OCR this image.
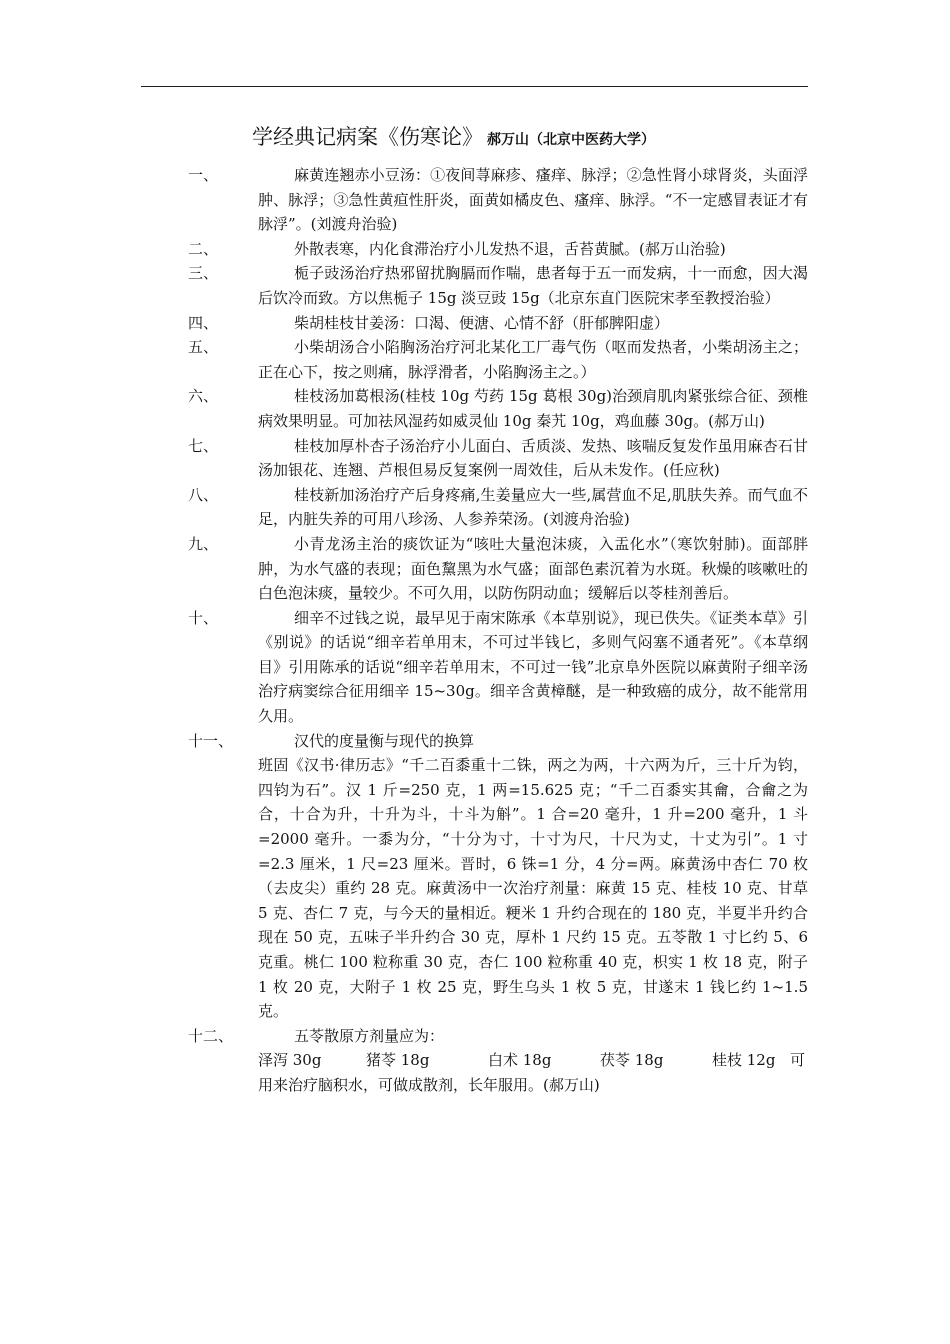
学经典记病案《伤寒论》 郝万山（北京中医药大学）
一、	麻黄连翘赤小豆汤：①夜间荨麻疹、瘙痒、脉浮；②急性肾小球肾炎，头面浮肿、脉浮；③急性黄疸性肝炎，面黄如橘皮色、瘙痒、脉浮。“不一定感冒表证才有脉浮”。(刘渡舟治验)
二、	外散表寒，内化食滞治疗小儿发热不退，舌苔黄腻。(郝万山治验)
三、	栀子豉汤治疗热邪留扰胸膈而作喘，患者每于五一而发病，十一而愈，因大渴后饮冷而致。方以焦栀子 15g 淡豆豉 15g（北京东直门医院宋孝至教授治验）
四、	柴胡桂枝甘姜汤：口渴、便溏、心情不舒（肝郁脾阳虚）
五、	小柴胡汤合小陷胸汤治疗河北某化工厂毒气伤（呕而发热者，小柴胡汤主之；正在心下，按之则痛，脉浮滑者，小陷胸汤主之。）
六、	桂枝汤加葛根汤(桂枝 10g 芍药 15g 葛根 30g)治颈肩肌肉紧张综合征、颈椎病效果明显。可加祛风湿药如威灵仙 10g 秦艽 10g，鸡血藤 30g。(郝万山)
七、	桂枝加厚朴杏子汤治疗小儿面白、舌质淡、发热、咳喘反复发作虽用麻杏石甘汤加银花、连翘、芦根但易反复案例一周效佳，后从未发作。(任应秋)
八、	桂枝新加汤治疗产后身疼痛,生姜量应大一些,属营血不足,肌肤失养。而气血不足，内脏失养的可用八珍汤、人参养荣汤。(刘渡舟治验)
九、	小青龙汤主治的痰饮证为“咳吐大量泡沫痰，入盂化水”（寒饮射肺)。面部胖肿，为水气盛的表现；面色黧黑为水气盛；面部色素沉着为水斑。秋燥的咳嗽吐的白色泡沫痰，量较少。不可久用，以防伤阴动血；缓解后以苓桂剂善后。
十、	细辛不过钱之说，最早见于南宋陈承《本草别说》，现已佚失。《证类本草》引《别说》的话说“细辛若单用末，不可过半钱匕，多则气闷塞不通者死”。《本草纲目》引用陈承的话说“细辛若单用末，不可过一钱”北京阜外医院以麻黄附子细辛汤治疗病窦综合征用细辛 15~30g。细辛含黄樟醚，是一种致癌的成分，故不能常用久用。
十一、	汉代的度量衡与现代的换算
班固《汉书·律历志》“千二百黍重十二铢，两之为两，十六两为斤，三十斤为钧，四钧为石”。汉 1 斤=250 克，1 两=15.625 克；“千二百黍实其龠，合龠之为合，十合为升，十升为斗，十斗为斛”。1 合=20 毫升，1 升=200 毫升，1 斗=2000 毫升。一黍为分，“十分为寸，十寸为尺，十尺为丈，十丈为引”。1 寸=2.3 厘米，1 尺=23 厘米。晋时，6 铢=1 分，4 分=两。麻黄汤中杏仁 70 枚（去皮尖）重约 28 克。麻黄汤中一次治疗剂量：麻黄 15 克、桂枝 10 克、甘草 5 克、杏仁 7 克，与今天的量相近。粳米 1 升约合现在的 180 克，半夏半升约合现在 50 克，五味子半升约合 30 克，厚朴 1 尺约 15 克。五苓散 1 寸匕约 5、6 克重。桃仁 100 粒称重 30 克，杏仁 100 粒称重 40 克，枳实 1 枚 18 克，附子 1 枚 20 克，大附子 1 枚 25 克，野生乌头 1 枚 5 克，甘遂末 1 钱匕约 1~1.5 克。
十二、	五苓散原方剂量应为：
泽泻 30g	猪苓 18g	白术 18g	茯苓 18g	桂枝 12g 可
用来治疗脑积水，可做成散剂，长年服用。(郝万山)
